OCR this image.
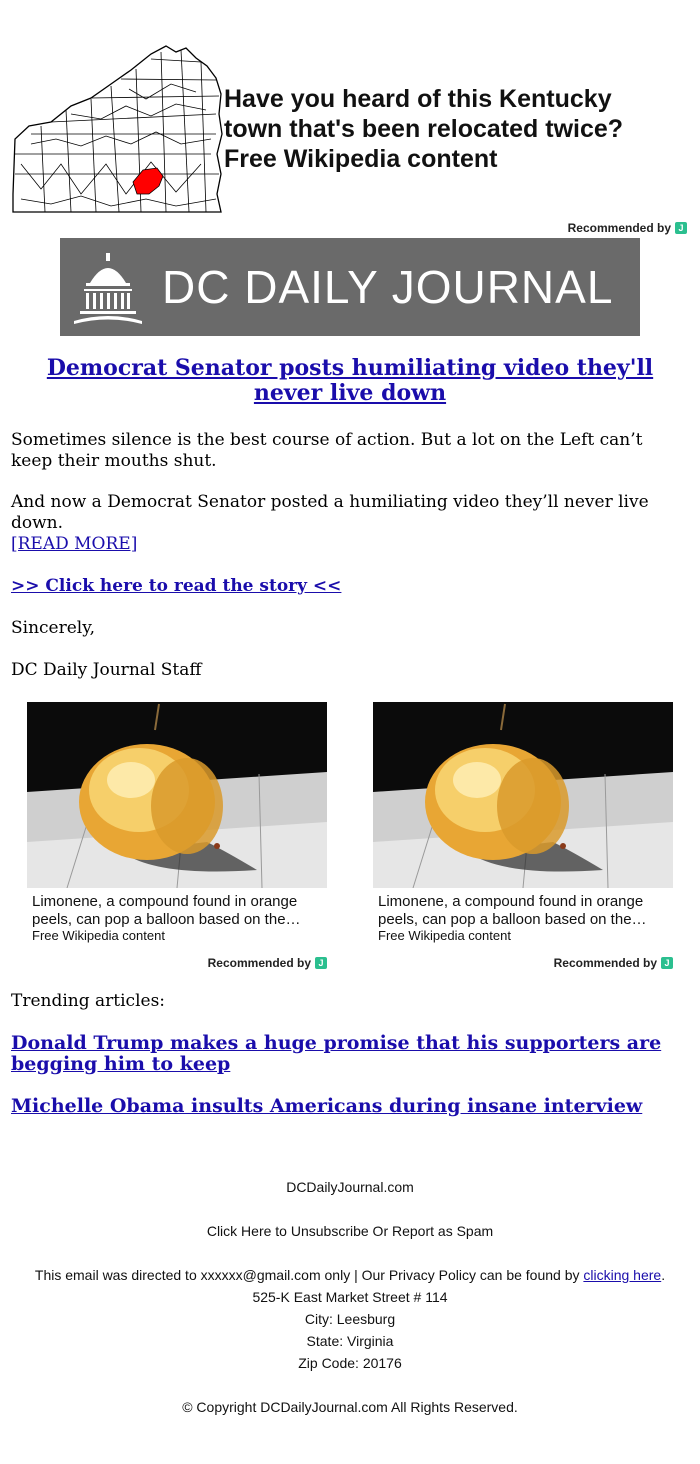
Have you heard of this Kentucky
town that's been relocated twice?
Free Wikipedia content
Recommended by J
DC DAILY JOURNAL
Democrat Senator posts humiliating video they'll never live down
Sometimes silence is the best course of action. But a lot on the Left can’t keep their mouths shut.
And now a Democrat Senator posted a humiliating video they’ll never live down.
[READ MORE]
>> Click here to read the story <<
Sincerely,
DC Daily Journal Staff
Limonene, a compound found in orange peels, can pop a balloon based on the…
Free Wikipedia content
Recommended by J
Limonene, a compound found in orange peels, can pop a balloon based on the…
Free Wikipedia content
Recommended by J
Trending articles:
Donald Trump makes a huge promise that his supporters are begging him to keep
Michelle Obama insults Americans during insane interview
DCDailyJournal.com
Click Here to Unsubscribe Or Report as Spam
This email was directed to xxxxxx@gmail.com only | Our Privacy Policy can be found by clicking here.
525-K East Market Street # 114
City: Leesburg
State: Virginia
Zip Code: 20176
© Copyright DCDailyJournal.com All Rights Reserved.
